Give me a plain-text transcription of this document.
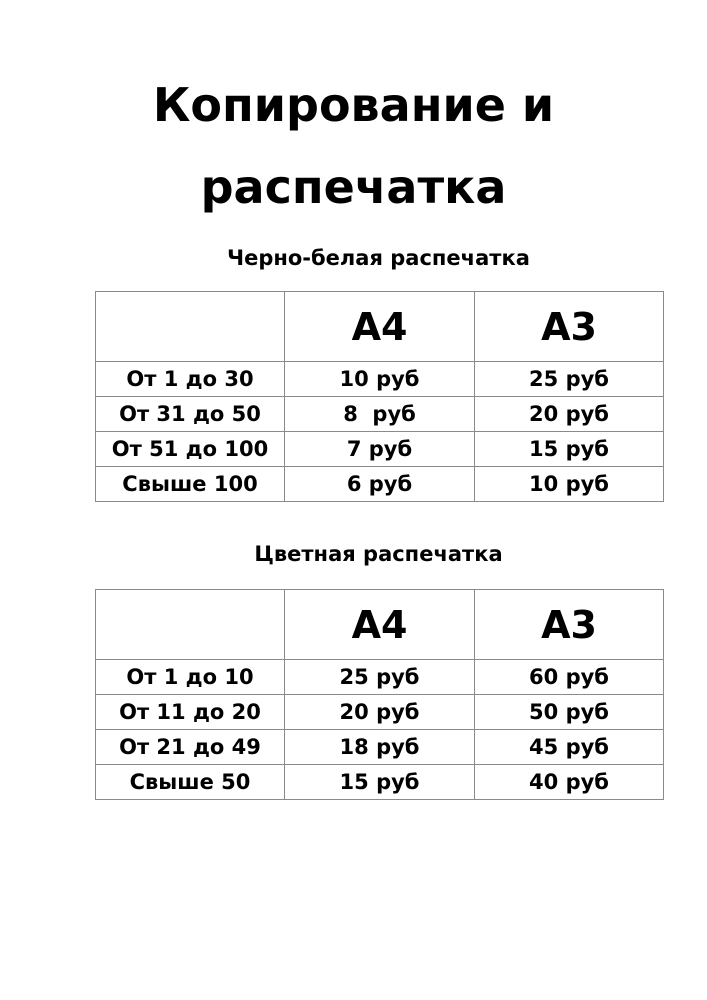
Копирование и
распечатка
Черно-белая распечатка
	A4	A3
От 1 до 30	10 руб	25 руб
От 31 до 50	8  руб	20 руб
От 51 до 100	7 руб	15 руб
Свыше 100	6 руб	10 руб
Цветная распечатка
	A4	A3
От 1 до 10	25 руб	60 руб
От 11 до 20	20 руб	50 руб
От 21 до 49	18 руб	45 руб
Свыше 50	15 руб	40 руб
